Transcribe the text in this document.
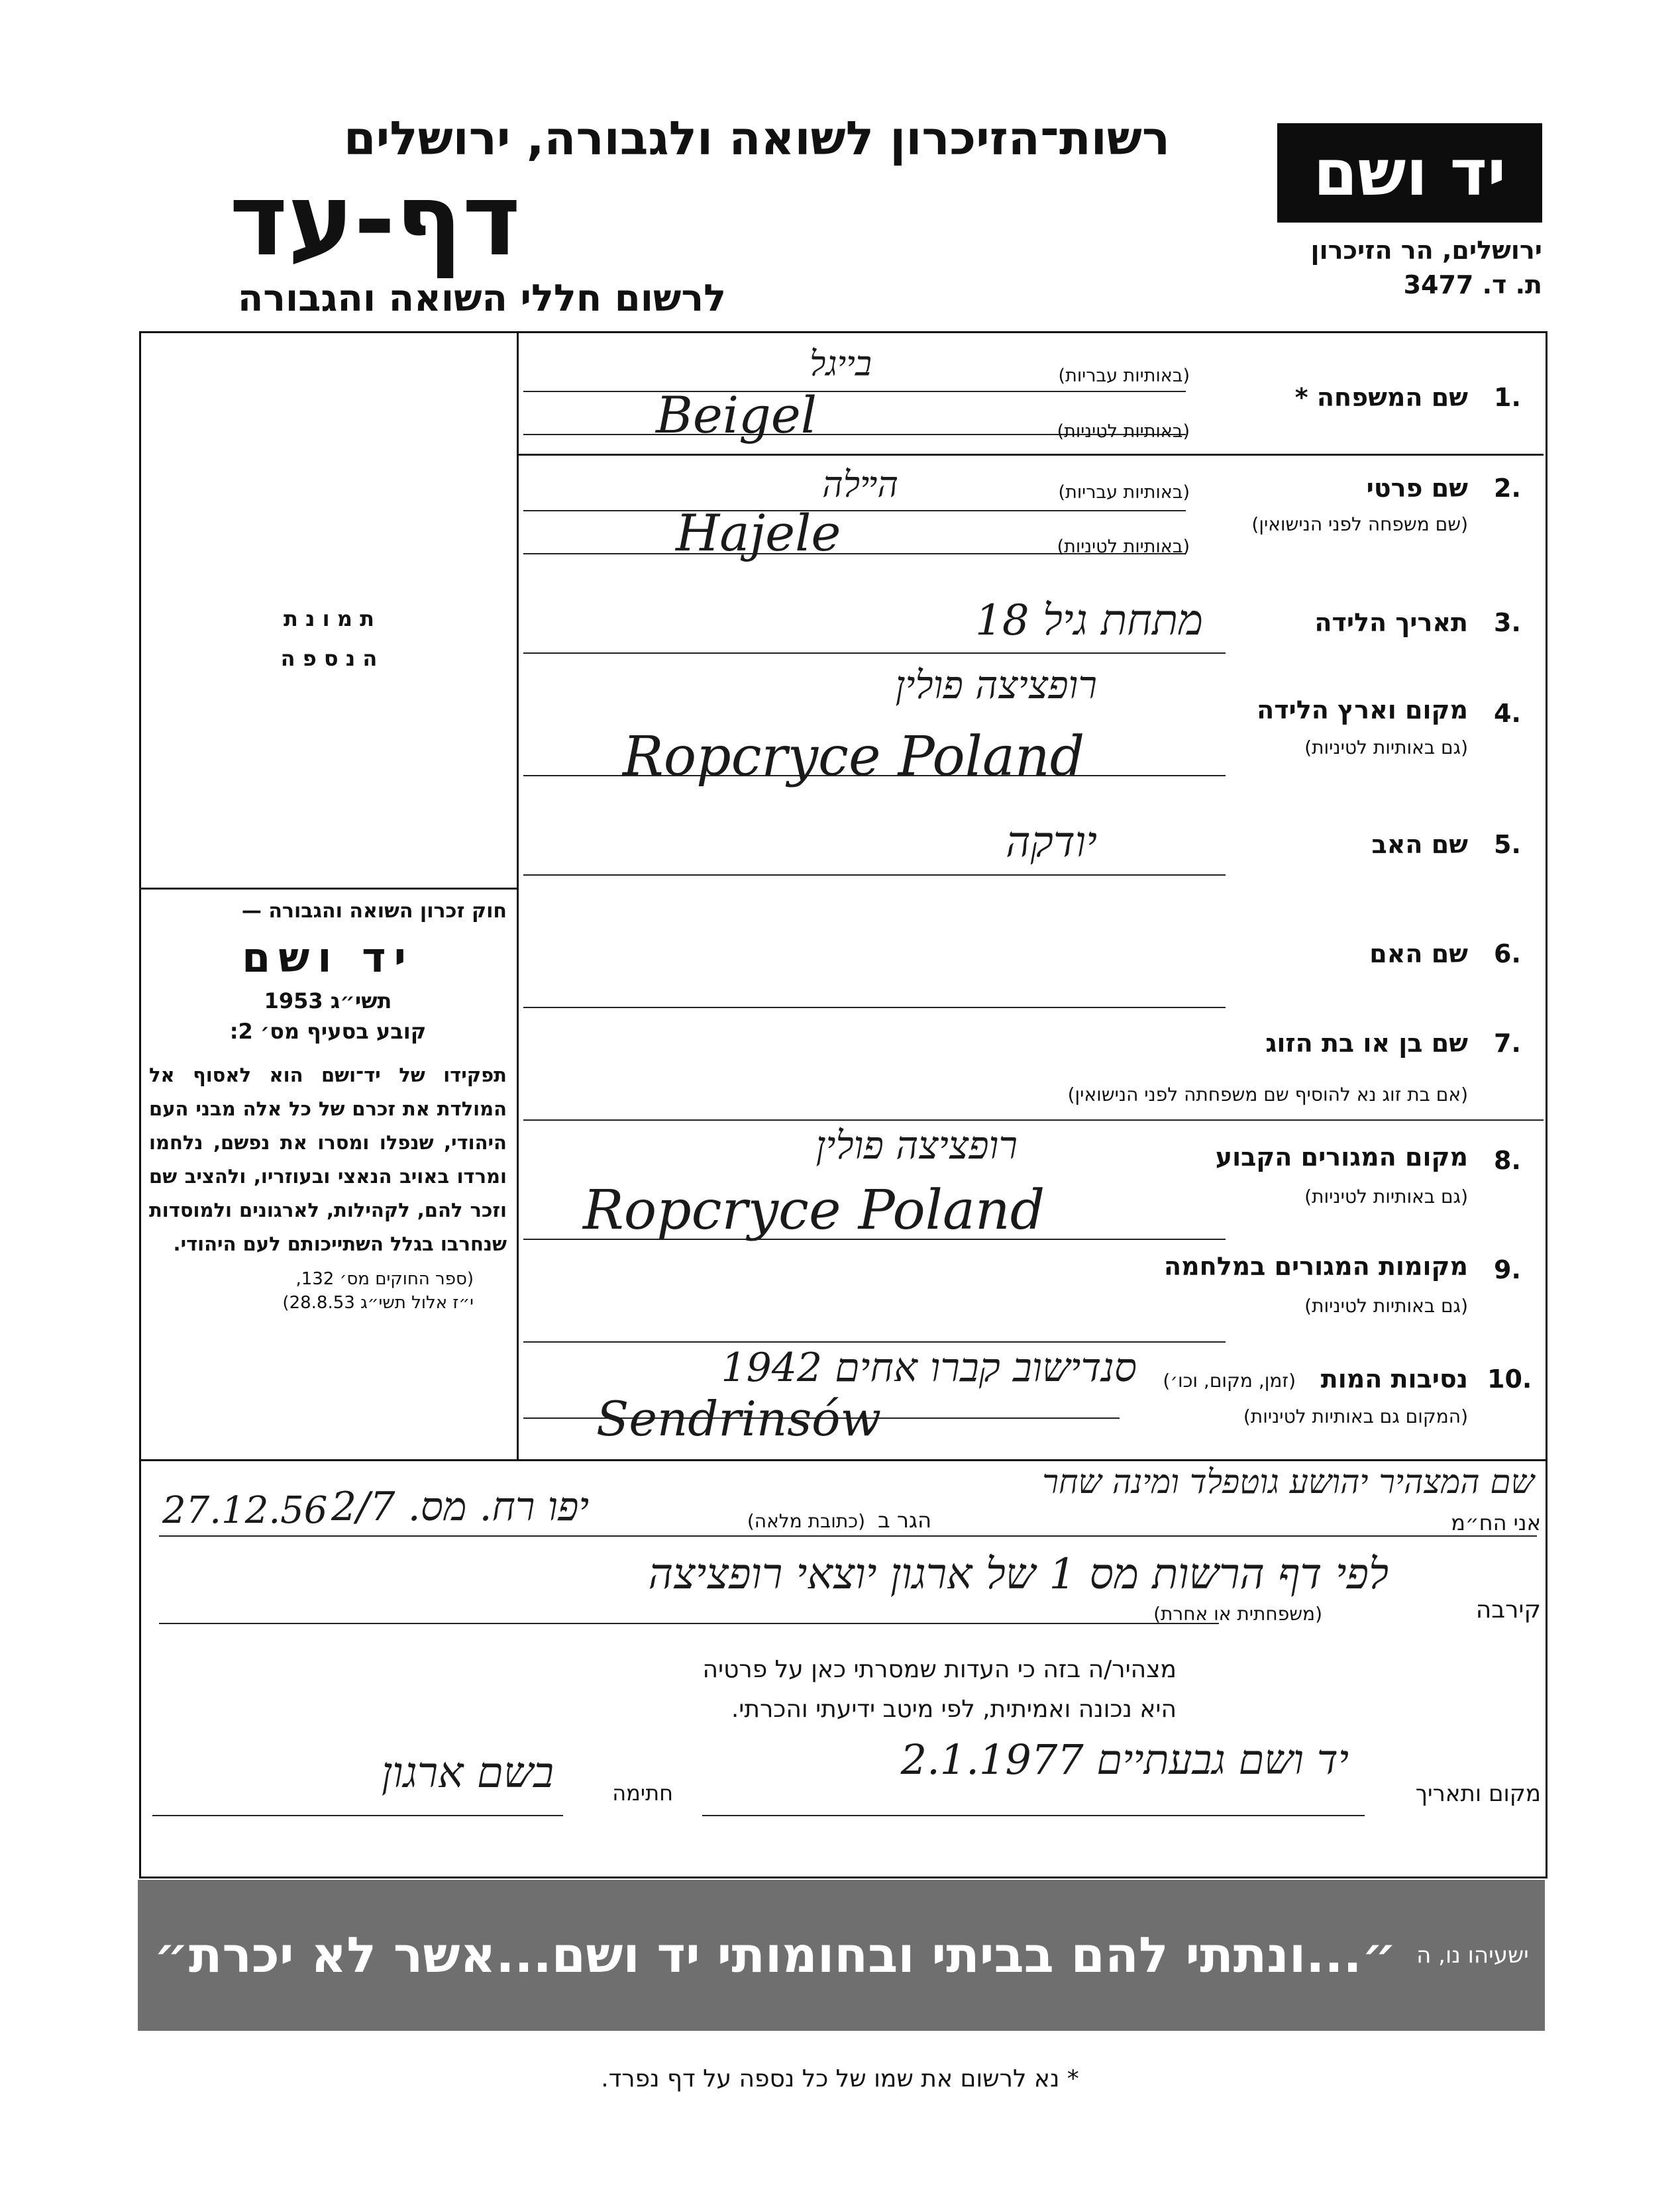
רשות־הזיכרון לשואה ולגבורה, ירושלים
דף-עד
לרשום חללי השואה והגבורה
יד ושם
ירושלים, הר הזיכרון
ת. ד. 3477
ת מ ו נ ת
ה נ ס פ ה
חוק זכרון השואה והגבורה —
יד ושם
תשי״ג 1953
קובע בסעיף מס׳ 2:
תפקידו של יד־ושם הוא לאסוף אל המולדת את זכרם של כל אלה מבני העם היהודי, שנפלו ומסרו את נפשם, נלחמו ומרדו באויב הנאצי ובעוזריו, ולהציב שם וזכר להם, לקהילות, לארגונים ולמוסדות שנחרבו בגלל השתייכותם לעם היהודי.
(ספר החוקים מס׳ 132,
י״ז אלול תשי״ג 28.8.53)
1.
שם המשפחה *
(באותיות עבריות)
(באותיות לטיניות)
בייגל
Beigel
2.
שם פרטי
(שם משפחה לפני הנישואין)
(באותיות עבריות)
(באותיות לטיניות)
הײלה
Hajele
3.
תאריך הלידה
מתחת גיל 18
4.
מקום וארץ הלידה
(גם באותיות לטיניות)
רופציצה פולין
Ropcryce Poland
5.
שם האב
יודקה
6.
שם האם
7.
שם בן או בת הזוג
(אם בת זוג נא להוסיף שם משפחתה לפני הנישואין)
8.
מקום המגורים הקבוע
(גם באותיות לטיניות)
רופציצה פולין
Ropcryce Poland
9.
מקומות המגורים במלחמה
(גם באותיות לטיניות)
10.
נסיבות המות
(זמן, מקום, וכו׳)
(המקום גם באותיות לטיניות)
סנדישוב קברו אחים 1942
Sendrinsów
אני הח״מ
שם המצהיר יהושע גוטפלד ומינה שחר
הגר ב
(כתובת מלאה)
יפו רח. מס. 2/7
27.12.56
לפי דף הרשות מס 1 של ארגון יוצאי רופציצה
(משפחתית או אחרת)	קירבה
מצהיר/ה בזה כי העדות שמסרתי כאן על פרטיה
היא נכונה ואמיתית, לפי מיטב ידיעתי והכרתי.
בשם ארגון	חתימה
יד ושם גבעתיים 2.1.1977
מקום ותאריך
״...ונתתי להם בביתי ובחומותי יד ושם...אשר לא יכרת״ ישעיהו נו, ה
* נא לרשום את שמו של כל נספה על דף נפרד.
